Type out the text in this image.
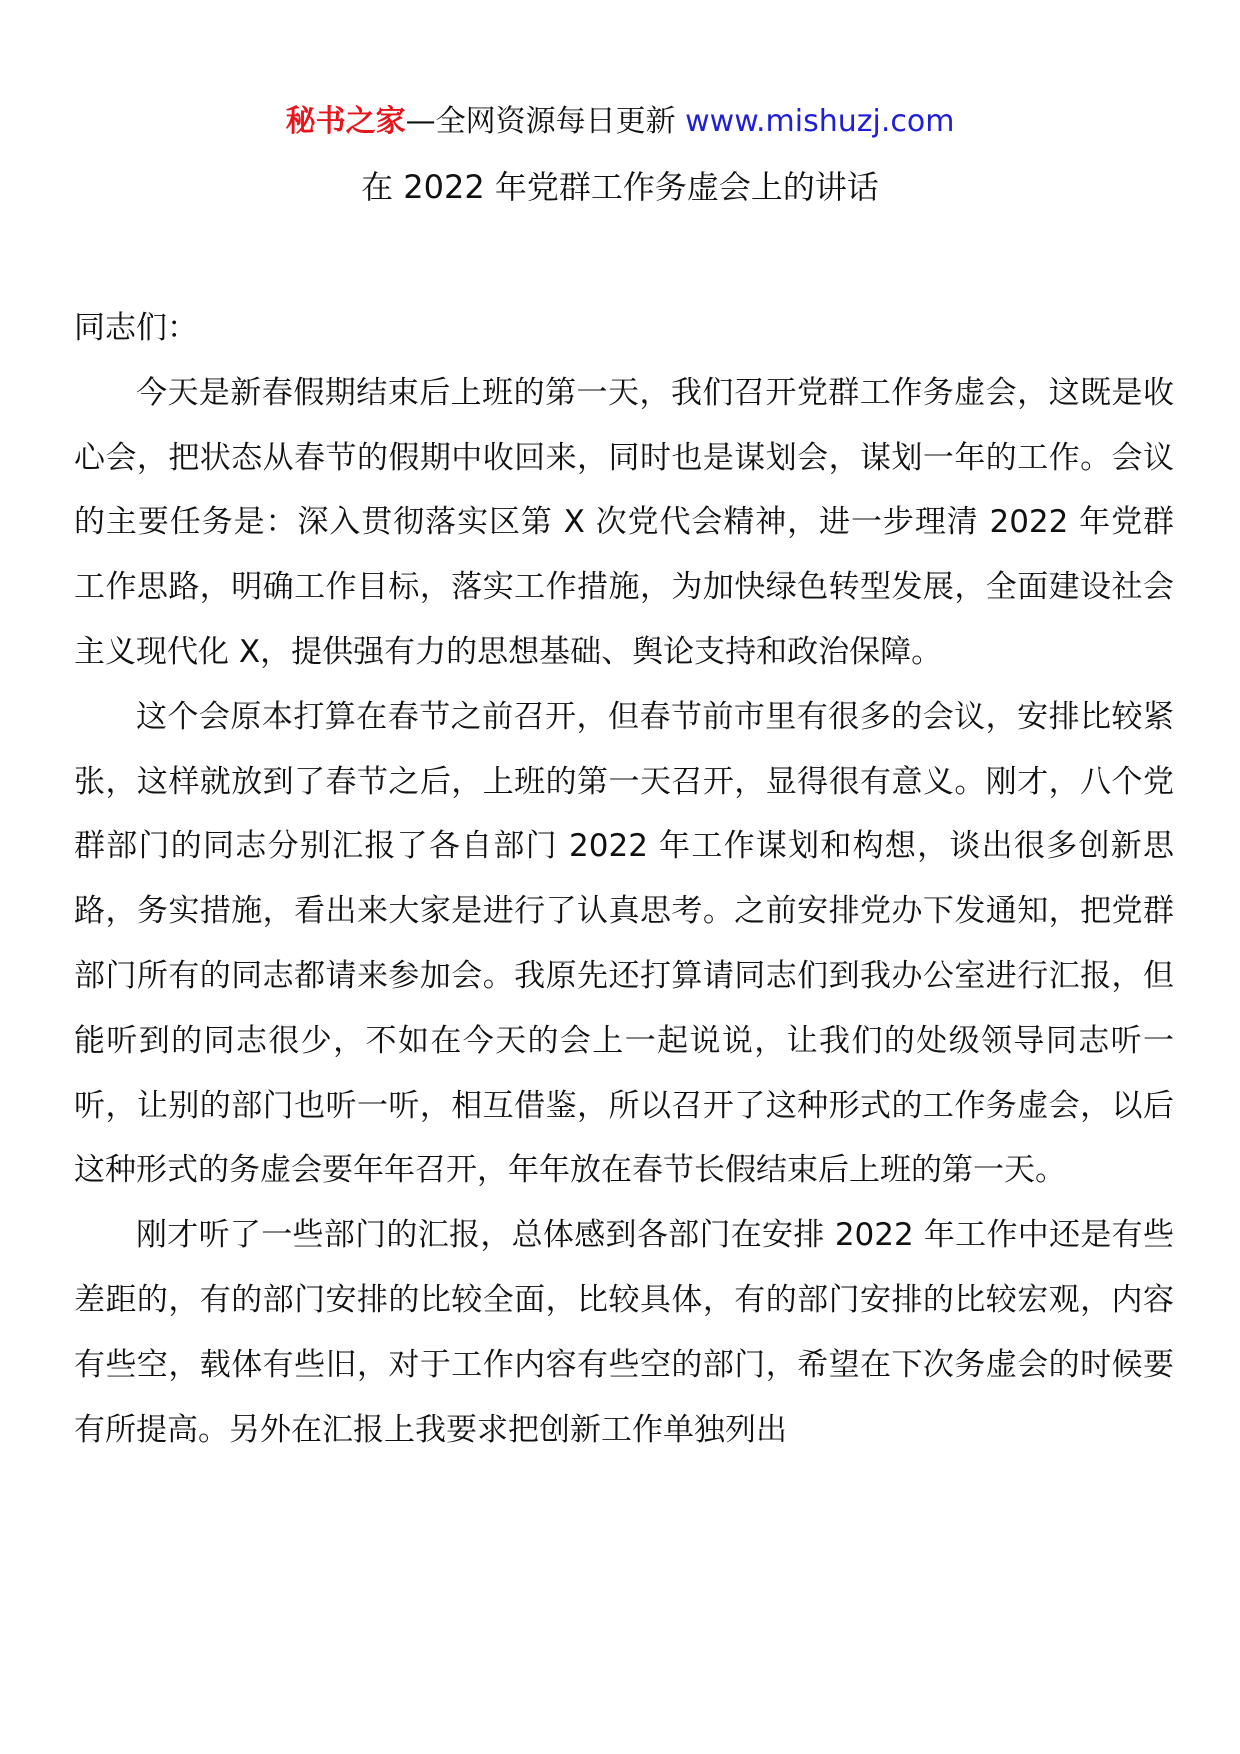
秘书之家—全网资源每日更新 www.mishuzj.com
在 2022 年党群工作务虚会上的讲话

同志们：

今天是新春假期结束后上班的第一天，我们召开党群工作务虚会，这既是收心会，把状态从春节的假期中收回来，同时也是谋划会，谋划一年的工作。会议的主要任务是：深入贯彻落实区第 X 次党代会精神，进一步理清 2022 年党群工作思路，明确工作目标，落实工作措施，为加快绿色转型发展，全面建设社会主义现代化 X，提供强有力的思想基础、舆论支持和政治保障。

这个会原本打算在春节之前召开，但春节前市里有很多的会议，安排比较紧张，这样就放到了春节之后，上班的第一天召开，显得很有意义。刚才，八个党群部门的同志分别汇报了各自部门 2022 年工作谋划和构想，谈出很多创新思路，务实措施，看出来大家是进行了认真思考。之前安排党办下发通知，把党群部门所有的同志都请来参加会。我原先还打算请同志们到我办公室进行汇报，但能听到的同志很少，不如在今天的会上一起说说，让我们的处级领导同志听一听，让别的部门也听一听，相互借鉴，所以召开了这种形式的工作务虚会，以后这种形式的务虚会要年年召开，年年放在春节长假结束后上班的第一天。

刚才听了一些部门的汇报，总体感到各部门在安排 2022 年工作中还是有些差距的，有的部门安排的比较全面，比较具体，有的部门安排的比较宏观，内容有些空，载体有些旧，对于工作内容有些空的部门，希望在下次务虚会的时候要有所提高。另外在汇报上我要求把创新工作单独列出
